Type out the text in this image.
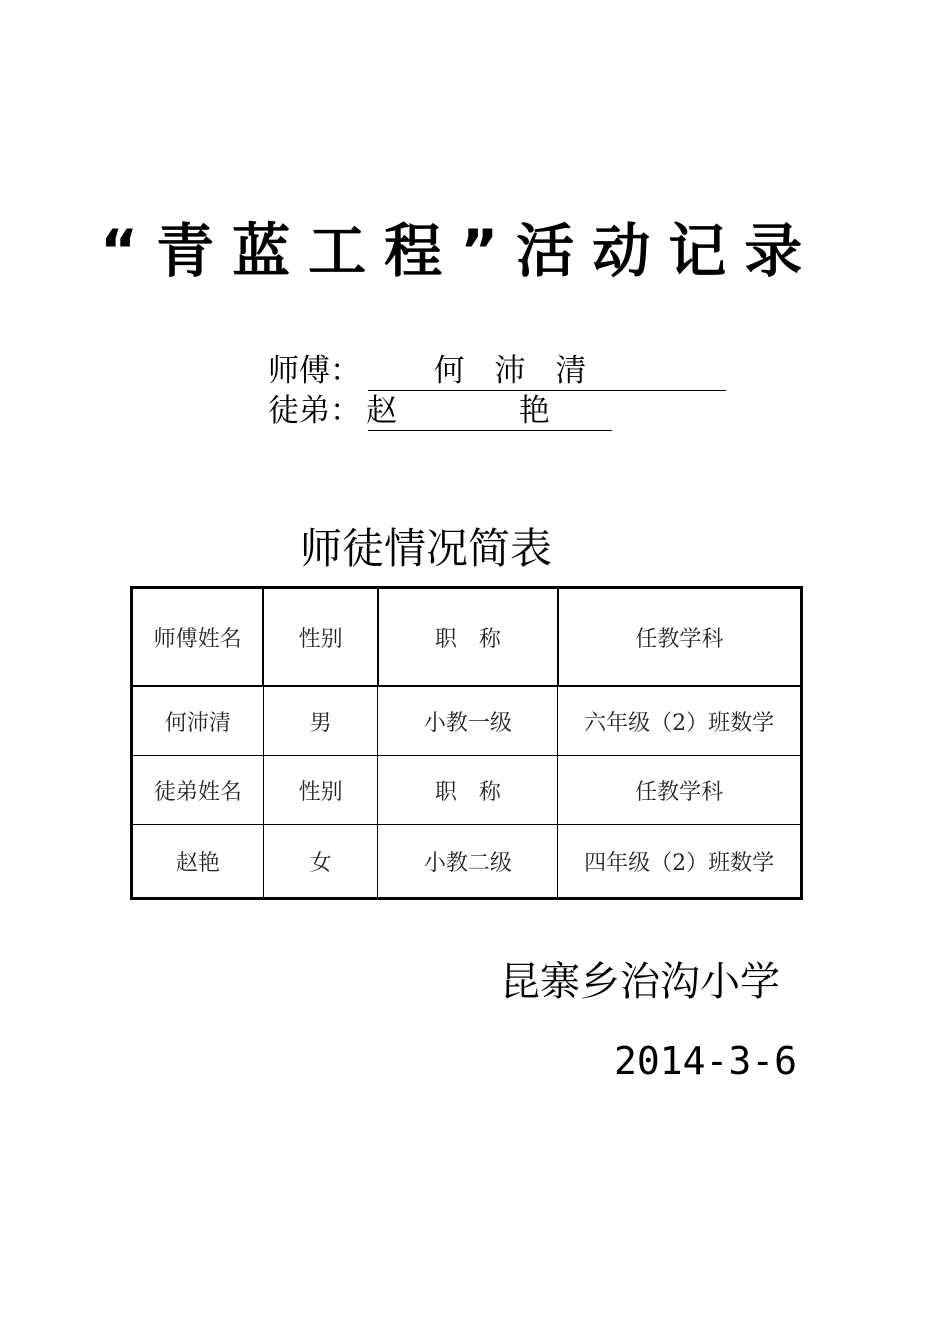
“青蓝工程”活动记录
师傅：	何 沛 清
徒弟： 赵 艳
师徒情况简表
师傅姓名	性别	职　称	任教学科
何沛清	男	小教一级	六年级（2）班数学
徒弟姓名	性别	职　称	任教学科
赵艳	女	小教二级	四年级（2）班数学
昆寨乡治沟小学
2014-3-6
